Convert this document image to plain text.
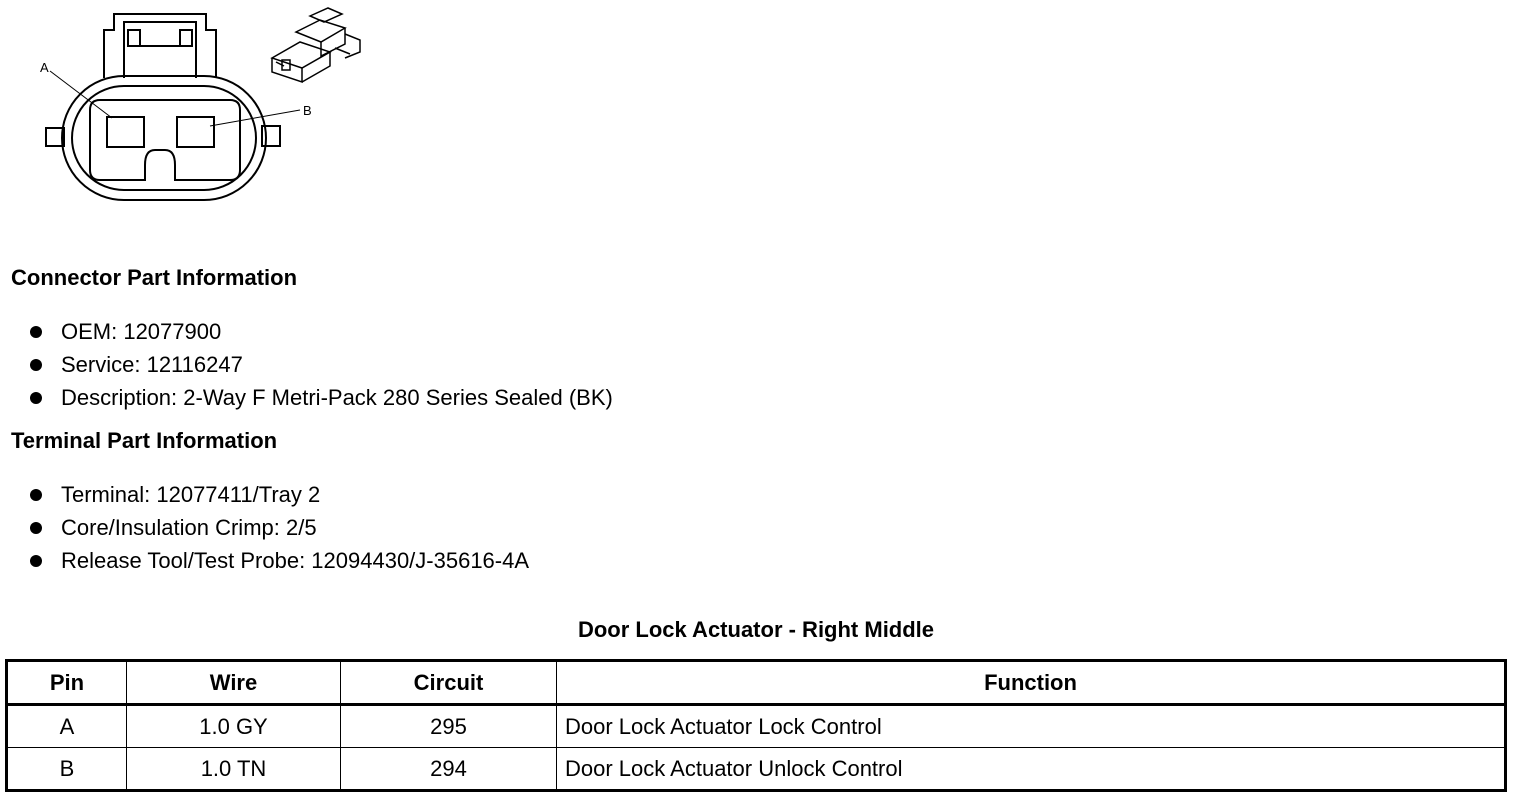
A
B
Connector Part Information
OEM: 12077900
Service: 12116247
Description: 2-Way F Metri-Pack 280 Series Sealed (BK)
Terminal Part Information
Terminal: 12077411/Tray 2
Core/Insulation Crimp: 2/5
Release Tool/Test Probe: 12094430/J-35616-4A
Door Lock Actuator - Right Middle
Pin	Wire	Circuit	Function
A	1.0 GY	295	Door Lock Actuator Lock Control
B	1.0 TN	294	Door Lock Actuator Unlock Control
